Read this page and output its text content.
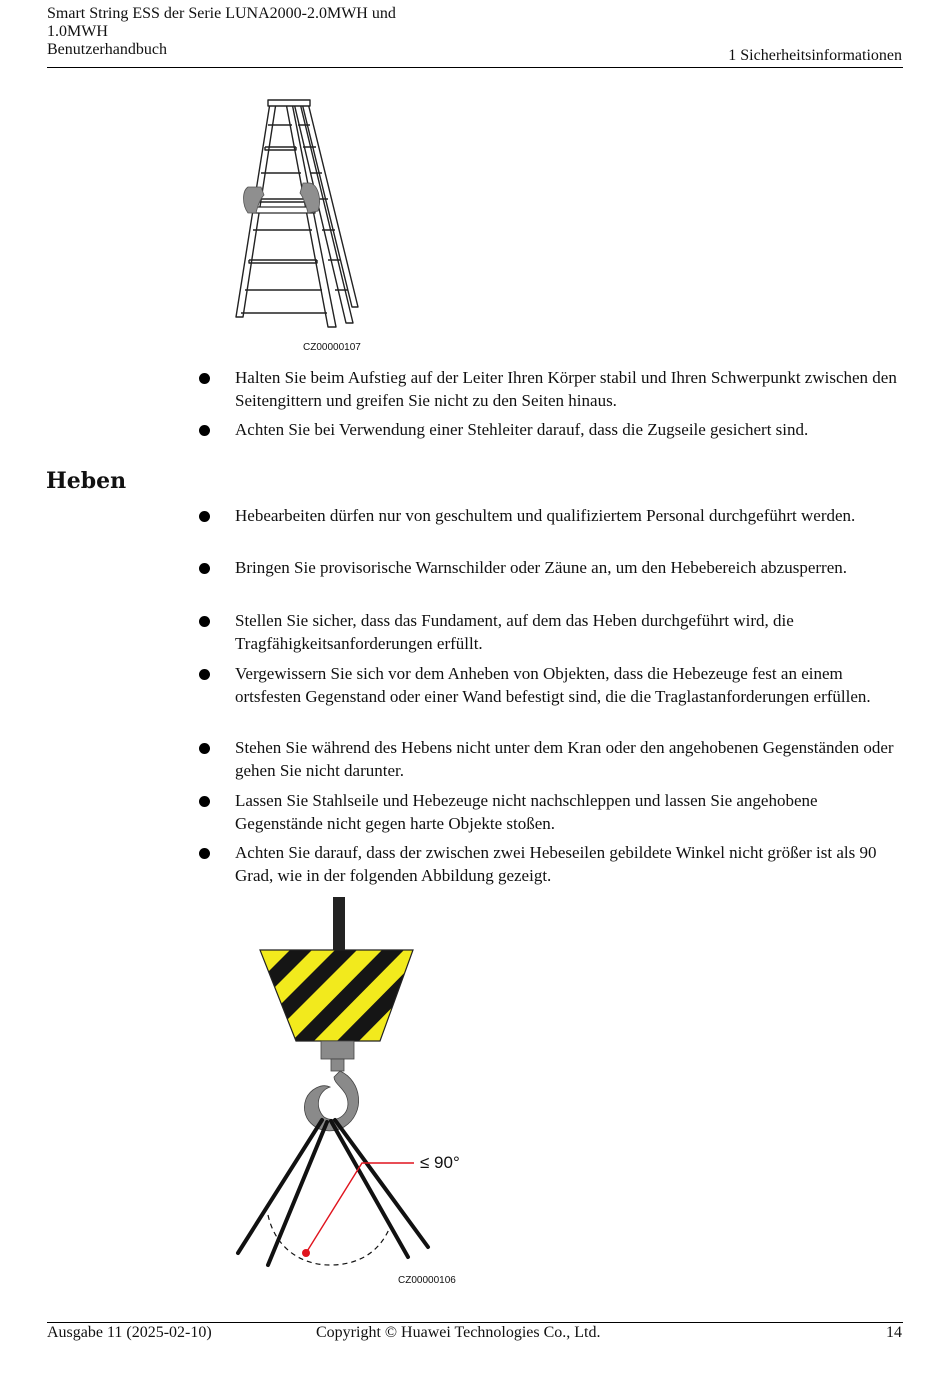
Smart String ESS der Serie LUNA2000-2.0MWH und
1.0MWH
Benutzerhandbuch	1 Sicherheitsinformationen
CZ00000107
Halten Sie beim Aufstieg auf der Leiter Ihren Körper stabil und Ihren Schwerpunkt zwischen den Seitengittern und greifen Sie nicht zu den Seiten hinaus.
Achten Sie bei Verwendung einer Stehleiter darauf, dass die Zugseile gesichert sind.
Heben
Hebearbeiten dürfen nur von geschultem und qualifiziertem Personal durchgeführt werden.
Bringen Sie provisorische Warnschilder oder Zäune an, um den Hebebereich abzusperren.
Stellen Sie sicher, dass das Fundament, auf dem das Heben durchgeführt wird, die Tragfähigkeitsanforderungen erfüllt.
Vergewissern Sie sich vor dem Anheben von Objekten, dass die Hebezeuge fest an einem ortsfesten Gegenstand oder einer Wand befestigt sind, die die Traglastanforderungen erfüllen.
Stehen Sie während des Hebens nicht unter dem Kran oder den angehobenen Gegenständen oder gehen Sie nicht darunter.
Lassen Sie Stahlseile und Hebezeuge nicht nachschleppen und lassen Sie angehobene Gegenstände nicht gegen harte Objekte stoßen.
Achten Sie darauf, dass der zwischen zwei Hebeseilen gebildete Winkel nicht größer ist als 90 Grad, wie in der folgenden Abbildung gezeigt.
≤ 90°
CZ00000106
Ausgabe 11 (2025-02-10)	Copyright © Huawei Technologies Co., Ltd.	14
